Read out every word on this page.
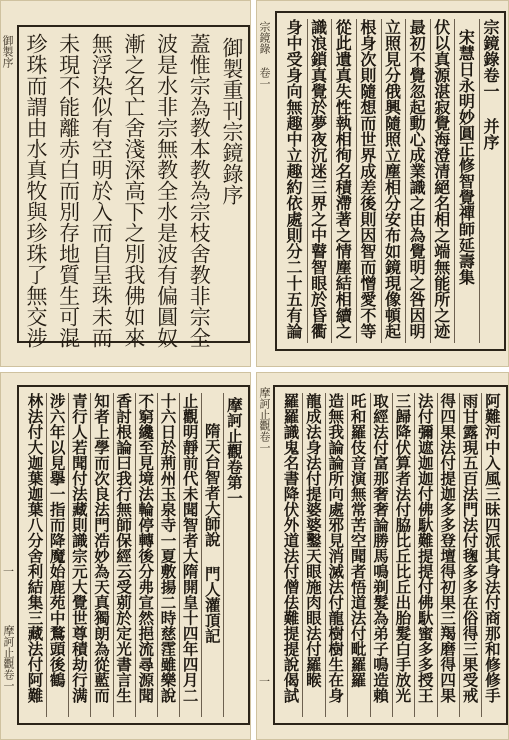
御製序	御製重刊宗鏡錄序
蓋惟宗為教本教為宗枝舍教非宗全
波是水非宗無教全水是波有偏圓奴
漸之名亡舍淺深高下之別我佛如來
無浮染似有空明於入而自呈珠未而
未現不能離赤白而別存地質生可混
珍珠而謂由水真牧與珍珠了無交涉	宗鏡錄 卷一	宗鏡錄卷一 并序
宋慧日永明妙圓正修智覺禪師延壽集
伏以真源湛寂覺海澄清絕名相之端無能所之迹
最初不覺忽起動心成業識之由為覺明之咎因明
立照見分俄興隨照立塵相分安布如鏡現像頓起
根身次則隨想而世界成差後則因智而憎愛不等
從此遺真失性執相徇名積滯著之情塵結相續之
識浪鎖真覺於夢夜沉迷三界之中瞽智眼於昏衢
身中受身向無趣中立趣約依處則分二十五有論
摩訶止觀卷一
一
摩訶止觀卷第一
隋天台智者大師說 門人灌頂記
止觀明靜前代未聞智者大隋開皇十四年四月二
十六日於荊州玉泉寺一夏敷揚二時慈霔雖樂說
不窮纔至見境法輪停轉後分弗宣然挹流尋源聞
香討根論曰我行無師保經云受莂於定光書言生
知者上學而次良法門浩妙為天真獨朗為從藍而
青行人若聞付法藏則識宗元大覺世尊積劫行满
涉六年以見擧一指而降魔始鹿苑中鶩頭後鶴
林法付大迦葉迦葉八分舍利結集三藏法付阿難	摩訶止觀卷一
一	阿難河中入風三昧四派其身法付商那和修修手
雨甘露現五百法門法付毱多多在俗得三果受戒
得四果法付提迦多多登壇得初果三羯磨得四果
法付彌遮迦迦付佛馱難提提付佛馱蜜多多授王
三歸降伏算者法付脇比丘比丘出胎髮白手放光
取經法付富那奢奢論勝馬鳴剃髮為弟子鳴造賴
吒和羅伎音演無常苦空聞者悟道法付毗羅羅
造無我論論所向處邪見消滅法付龍樹樹生在身
龍成法身法付提婆婆鑿天眼施肉眼法付羅睺
羅羅識鬼名書降伏外道法付僧佉難提提說偈試
